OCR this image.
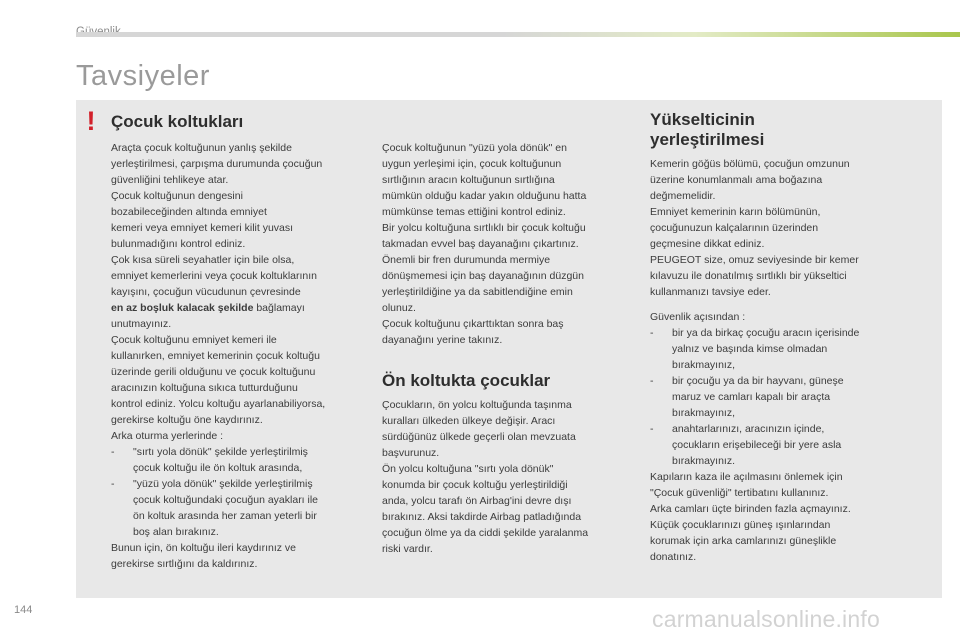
Tavsiyeler
! Çocuk koltukları
Araçta çocuk koltuğunun yanlış şekilde
yerleştirilmesi, çarpışma durumunda çocuğun
güvenliğini tehlikeye atar.
Çocuk koltuğunun dengesini
bozabileceğinden altında emniyet
kemeri veya emniyet kemeri kilit yuvası
bulunmadığını kontrol ediniz.
Çok kısa süreli seyahatler için bile olsa,
emniyet kemerlerini veya çocuk koltuklarının
kayışını, çocuğun vücudunun çevresinde
en az boşluk kalacak şekilde bağlamayı
unutmayınız.
Çocuk koltuğunu emniyet kemeri ile
kullanırken, emniyet kemerinin çocuk koltuğu
üzerinde gerili olduğunu ve çocuk koltuğunu
aracınızın koltuğuna sıkıca tutturduğunu
kontrol ediniz. Yolcu koltuğu ayarlanabiliyorsa,
gerekirse koltuğu öne kaydırınız.
Arka oturma yerlerinde :
- "sırtı yola dönük" şekilde yerleştirilmiş
çocuk koltuğu ile ön koltuk arasında,
- "yüzü yola dönük" şekilde yerleştirilmiş
çocuk koltuğundaki çocuğun ayakları ile
ön koltuk arasında her zaman yeterli bir
boş alan bırakınız.
Bunun için, ön koltuğu ileri kaydırınız ve
gerekirse sırtlığını da kaldırınız.
Çocuk koltuğunun "yüzü yola dönük" en
uygun yerleşimi için, çocuk koltuğunun
sırtlığının aracın koltuğunun sırtlığına
mümkün olduğu kadar yakın olduğunu hatta
mümkünse temas ettiğini kontrol ediniz.
Bir yolcu koltuğuna sırtlıklı bir çocuk koltuğu
takmadan evvel baş dayanağını çıkartınız.
Önemli bir fren durumunda mermiye
dönüşmemesi için baş dayanağının düzgün
yerleştirildiğine ya da sabitlendiğine emin
olunuz.
Çocuk koltuğunu çıkarttıktan sonra baş
dayanağını yerine takınız.
Ön koltukta çocuklar
Çocukların, ön yolcu koltuğunda taşınma
kuralları ülkeden ülkeye değişir. Aracı
sürdüğünüz ülkede geçerli olan mevzuata
başvurunuz.
Ön yolcu koltuğuna "sırtı yola dönük"
konumda bir çocuk koltuğu yerleştirildiği
anda, yolcu tarafı ön Airbag'ini devre dışı
bırakınız. Aksi takdirde Airbag patladığında
çocuğun ölme ya da ciddi şekilde yaralanma
riski vardır.
Yükselticinin
yerleştirilmesi
Kemerin göğüs bölümü, çocuğun omzunun
üzerine konumlanmalı ama boğazına
değmemelidir.
Emniyet kemerinin karın bölümünün,
çocuğunuzun kalçalarının üzerinden
geçmesine dikkat ediniz.
PEUGEOT size, omuz seviyesinde bir kemer
kılavuzu ile donatılmış sırtlıklı bir yükseltici
kullanmanızı tavsiye eder.
Güvenlik açısından :
- bir ya da birkaç çocuğu aracın içerisinde
yalnız ve başında kimse olmadan
bırakmayınız,
- bir çocuğu ya da bir hayvanı, güneşe
maruz ve camları kapalı bir araçta
bırakmayınız,
- anahtarlarınızı, aracınızın içinde,
çocukların erişebileceği bir yere asla
bırakmayınız.
Kapıların kaza ile açılmasını önlemek için
"Çocuk güvenliği" tertibatını kullanınız.
Arka camları üçte birinden fazla açmayınız.
Küçük çocuklarınızı güneş ışınlarından
korumak için arka camlarınızı güneşlikle
donatınız.
144	carmanualsonline.info
